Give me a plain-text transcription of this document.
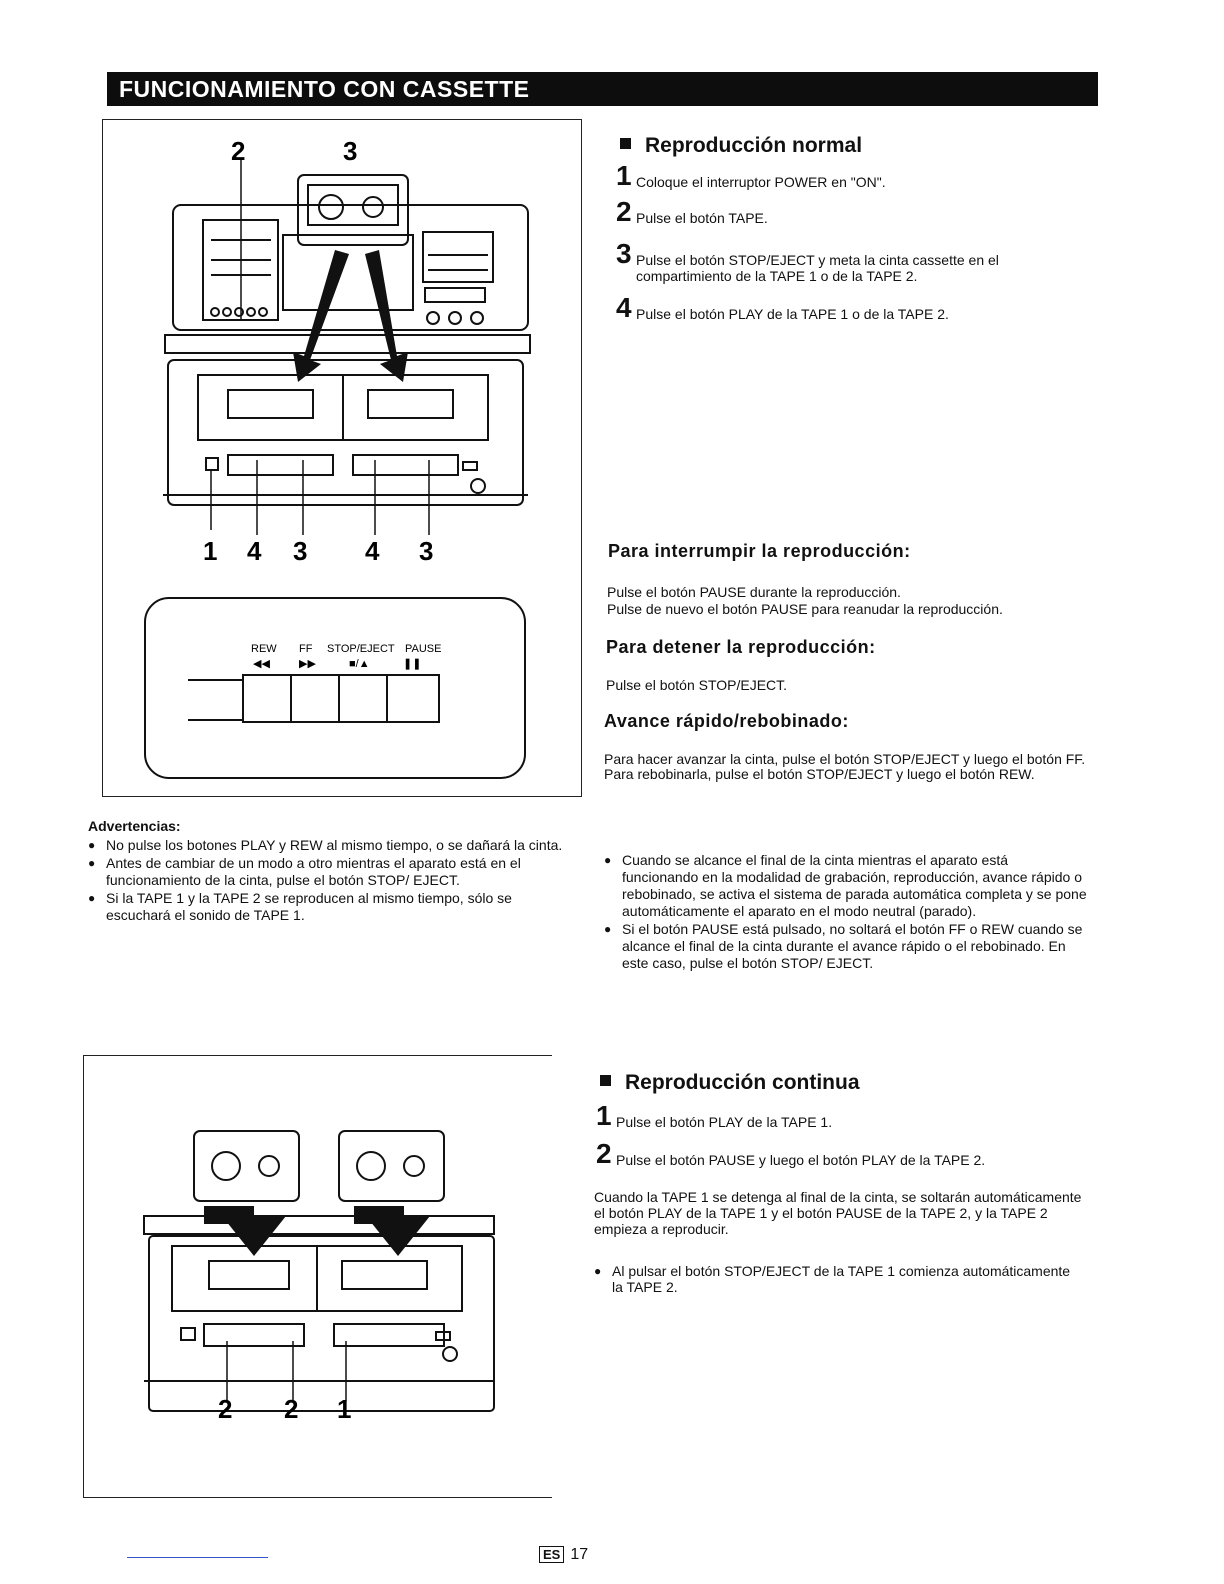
FUNCIONAMIENTO CON CASSETTE
2	3
1 4 3 4 3
REW FF STOP/EJECT PAUSE
◀◀	▶▶	■/▲	❚❚
Advertencias:
● No pulse los botones PLAY y REW al mismo tiempo, o se dañará la cinta.
● Antes de cambiar de un modo a otro mientras el aparato está en el funcionamiento de la cinta, pulse el botón STOP/ EJECT.
● Si la TAPE 1 y la TAPE 2 se reproducen al mismo tiempo, sólo se escuchará el sonido de TAPE 1.
2 2 1
Reproducción normal
1 Coloque el interruptor POWER en "ON".
2 Pulse el botón TAPE.
3 Pulse el botón STOP/EJECT y meta la cinta cassette en el compartimiento de la TAPE 1 o de la TAPE 2.
4 Pulse el botón PLAY de la TAPE 1 o de la TAPE 2.
Para interrumpir la reproducción:
Pulse el botón PAUSE durante la reproducción.
Pulse de nuevo el botón PAUSE para reanudar la reproducción.
Para detener la reproducción:
Pulse el botón STOP/EJECT.
Avance rápido/rebobinado:
Para hacer avanzar la cinta, pulse el botón STOP/EJECT y luego el botón FF. Para rebobinarla, pulse el botón STOP/EJECT y luego el botón REW.
● Cuando se alcance el final de la cinta mientras el aparato está funcionando en la modalidad de grabación, reproducción, avance rápido o rebobinado, se activa el sistema de parada automática completa y se pone automáticamente el aparato en el modo neutral (parado).
● Si el botón PAUSE está pulsado, no soltará el botón FF o REW cuando se alcance el final de la cinta durante el avance rápido o el rebobinado. En este caso, pulse el botón STOP/ EJECT.
Reproducción continua
1 Pulse el botón PLAY de la TAPE 1.
2 Pulse el botón PAUSE y luego el botón PLAY de la TAPE 2.
Cuando la TAPE 1 se detenga al final de la cinta, se soltarán automáticamente el botón PLAY de la TAPE 1 y el botón PAUSE de la TAPE 2, y la TAPE 2 empieza a reproducir.
● Al pulsar el botón STOP/EJECT de la TAPE 1 comienza automáticamente la TAPE 2.
ES 17
